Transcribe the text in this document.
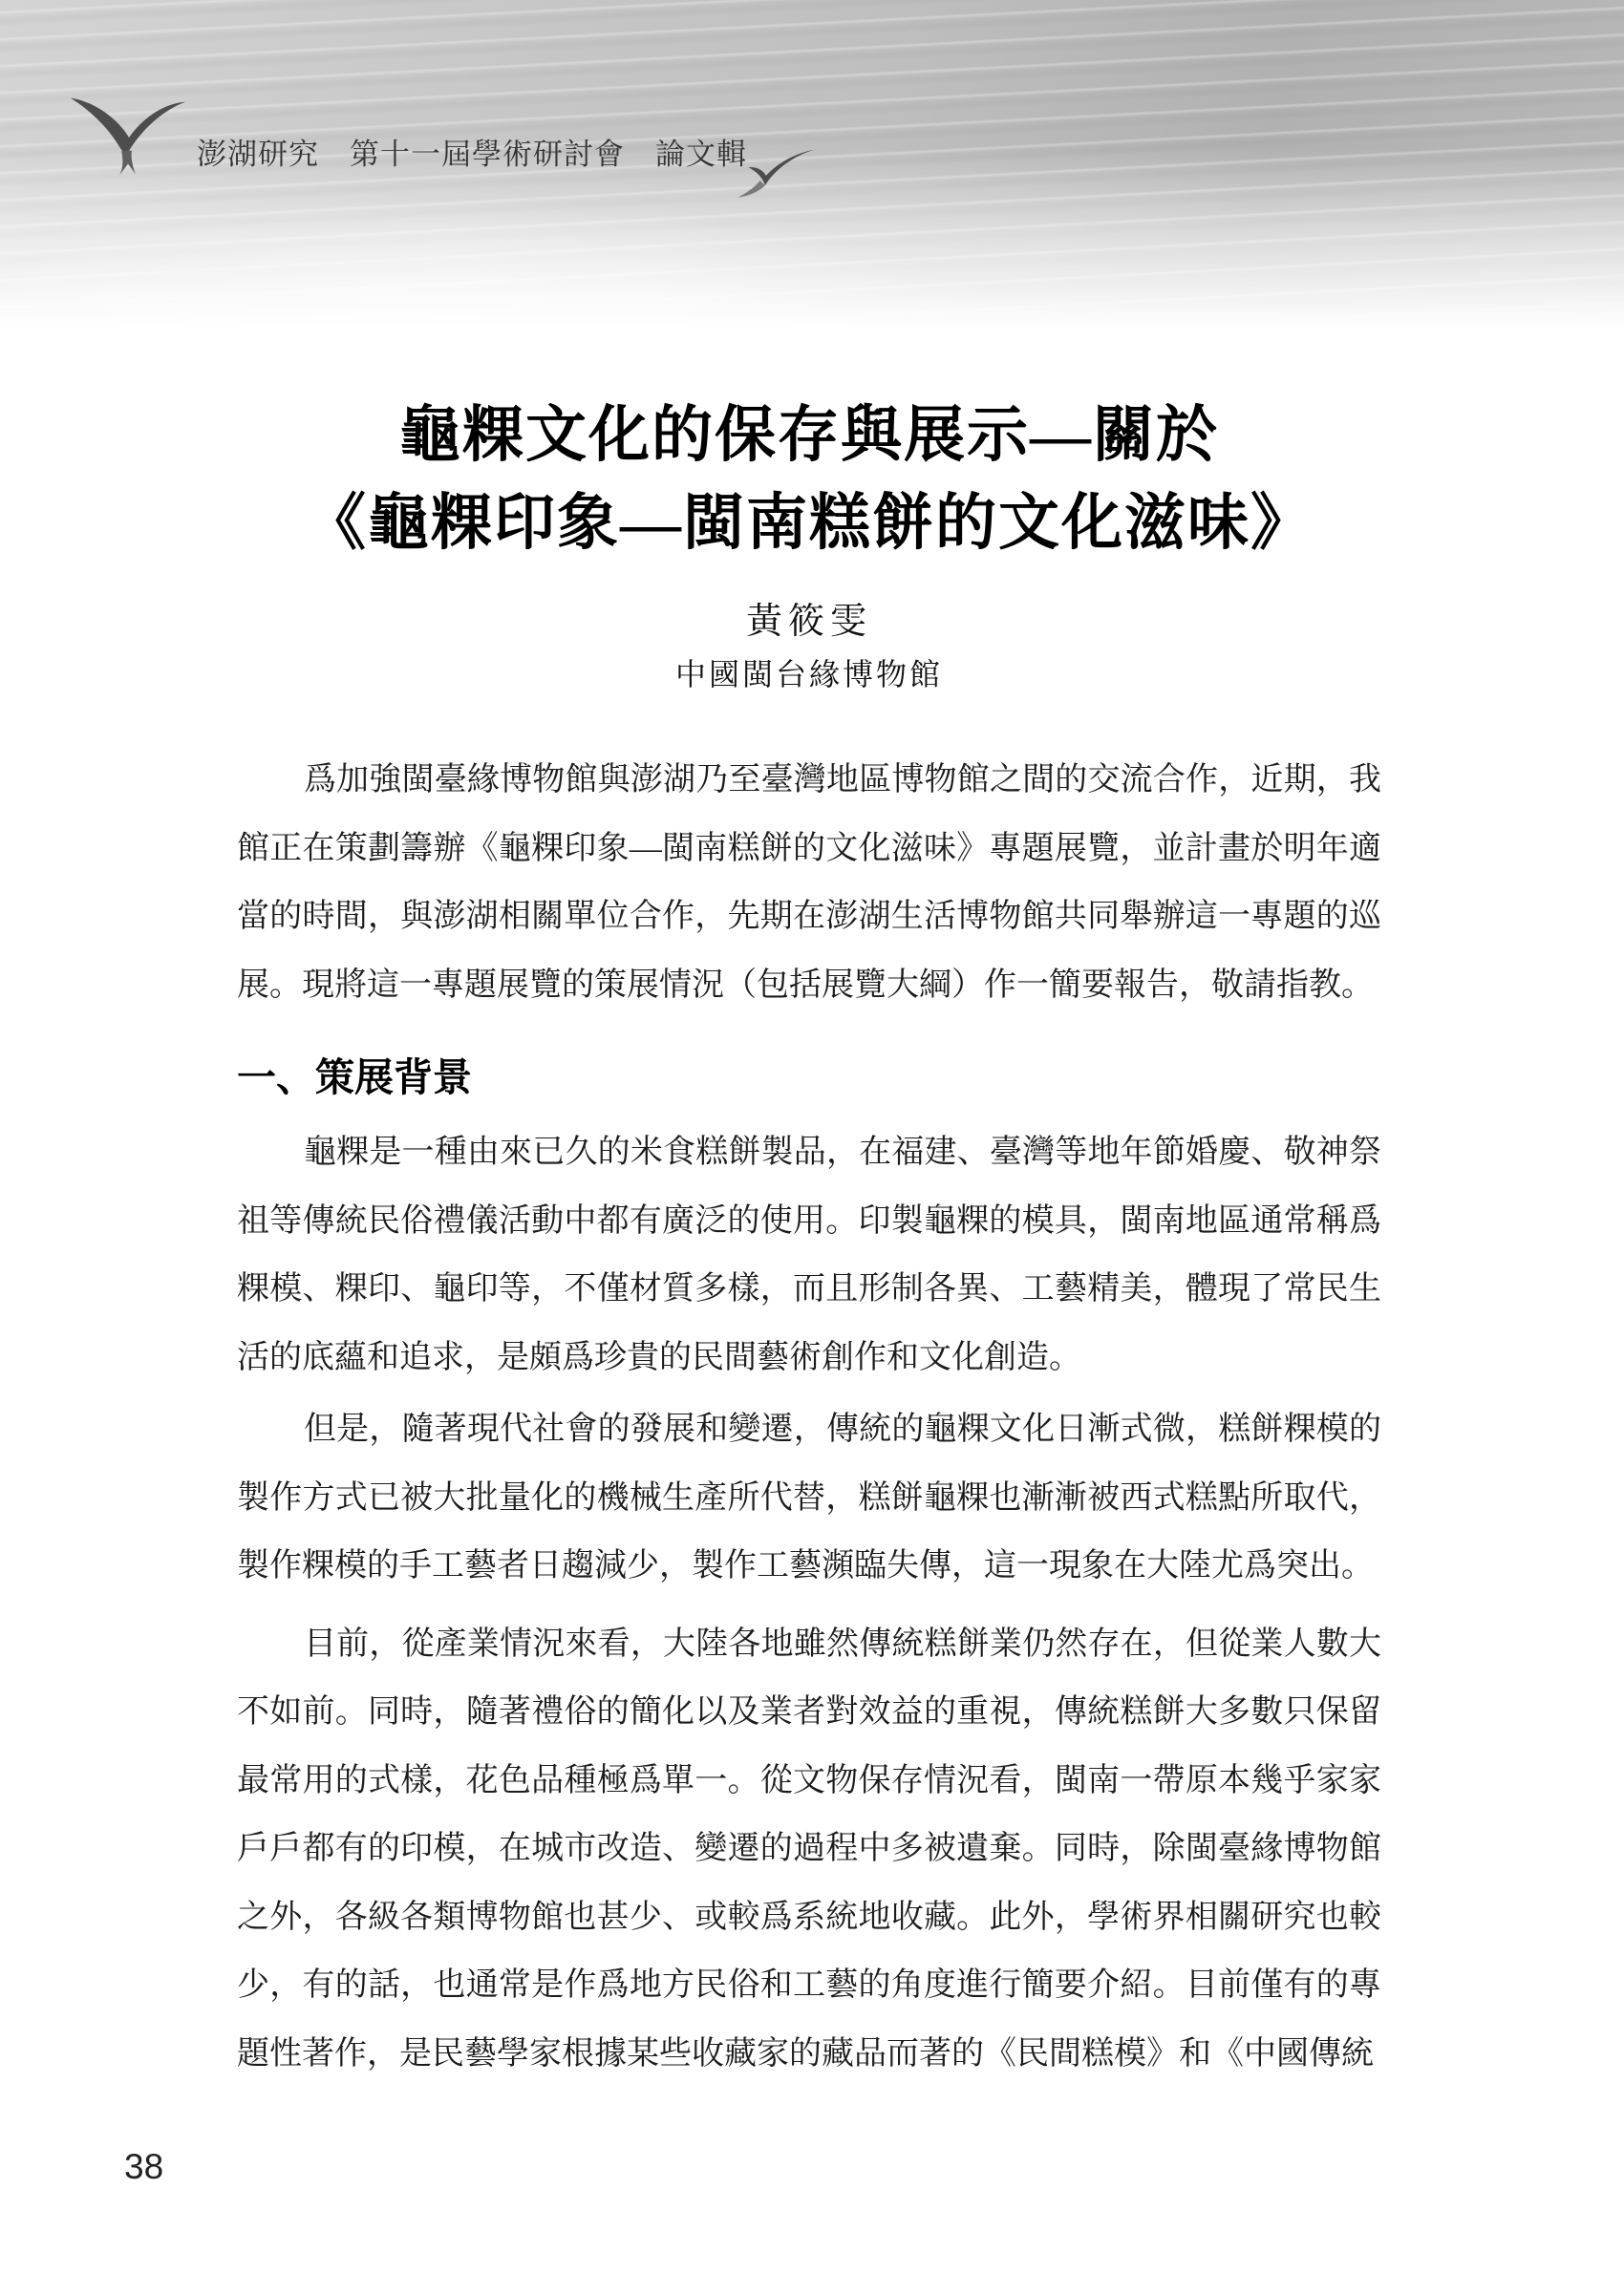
澎湖研究　第十一屆學術研討會　論文輯
龜粿文化的保存與展示—關於
《龜粿印象—閩南糕餅的文化滋味》
黃筱雯
中國閩台緣博物館
爲加強閩臺緣博物館與澎湖乃至臺灣地區博物館之間的交流合作，近期，我
館正在策劃籌辦《龜粿印象—閩南糕餅的文化滋味》專題展覽，並計畫於明年適
當的時間，與澎湖相關單位合作，先期在澎湖生活博物館共同舉辦這一專題的巡
展。現將這一專題展覽的策展情況（包括展覽大綱）作一簡要報告，敬請指教。
一、策展背景
龜粿是一種由來已久的米食糕餅製品，在福建、臺灣等地年節婚慶、敬神祭
祖等傳統民俗禮儀活動中都有廣泛的使用。印製龜粿的模具，閩南地區通常稱爲
粿模、粿印、龜印等，不僅材質多樣，而且形制各異、工藝精美，體現了常民生
活的底蘊和追求，是頗爲珍貴的民間藝術創作和文化創造。
但是，隨著現代社會的發展和變遷，傳統的龜粿文化日漸式微，糕餅粿模的
製作方式已被大批量化的機械生產所代替，糕餅龜粿也漸漸被西式糕點所取代，
製作粿模的手工藝者日趨減少，製作工藝瀕臨失傳，這一現象在大陸尤爲突出。
目前，從產業情況來看，大陸各地雖然傳統糕餅業仍然存在，但從業人數大
不如前。同時，隨著禮俗的簡化以及業者對效益的重視，傳統糕餅大多數只保留
最常用的式樣，花色品種極爲單一。從文物保存情況看，閩南一帶原本幾乎家家
戶戶都有的印模，在城市改造、變遷的過程中多被遺棄。同時，除閩臺緣博物館
之外，各級各類博物館也甚少、或較爲系統地收藏。此外，學術界相關研究也較
少，有的話，也通常是作爲地方民俗和工藝的角度進行簡要介紹。目前僅有的專
題性著作，是民藝學家根據某些收藏家的藏品而著的《民間糕模》和《中國傳統
38
